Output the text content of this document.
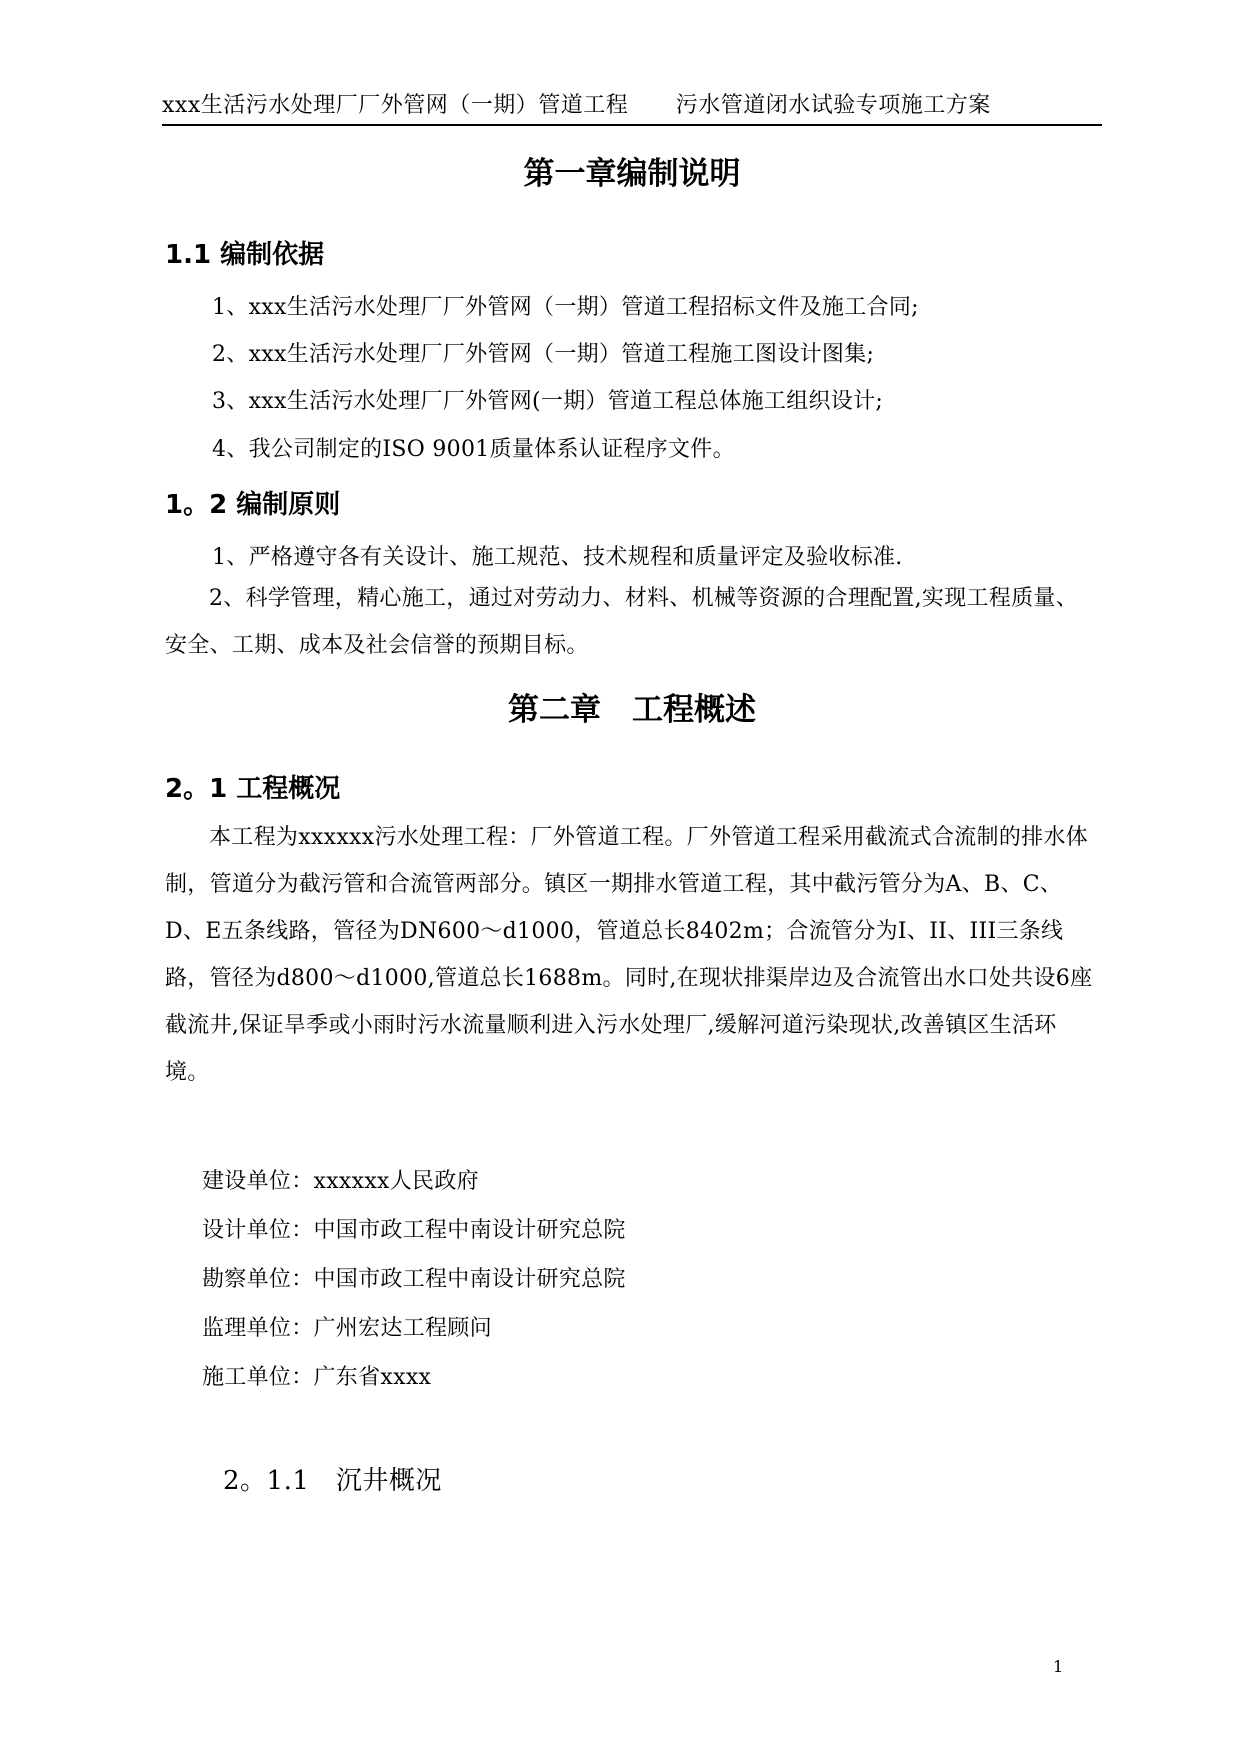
xxx生活污水处理厂厂外管网（一期）管道工程 污水管道闭水试验专项施工方案
第一章编制说明
1.1 编制依据
1、xxx生活污水处理厂厂外管网（一期）管道工程招标文件及施工合同;
2、xxx生活污水处理厂厂外管网（一期）管道工程施工图设计图集;
3、xxx生活污水处理厂厂外管网(一期）管道工程总体施工组织设计;
4、我公司制定的ISO 9001质量体系认证程序文件。
1。2 编制原则
1、严格遵守各有关设计、施工规范、技术规程和质量评定及验收标准.
2、科学管理，精心施工，通过对劳动力、材料、机械等资源的合理配置,实现工程质量、安全、工期、成本及社会信誉的预期目标。
第二章　工程概述
2。1 工程概况
本工程为xxxxxx污水处理工程：厂外管道工程。厂外管道工程采用截流式合流制的排水体制，管道分为截污管和合流管两部分。镇区一期排水管道工程，其中截污管分为A、B、C、D、E五条线路，管径为DN600～d1000，管道总长8402m；合流管分为I、II、III三条线路，管径为d800～d1000,管道总长1688m。同时,在现状排渠岸边及合流管出水口处共设6座截流井,保证旱季或小雨时污水流量顺利进入污水处理厂,缓解河道污染现状,改善镇区生活环境。
建设单位：xxxxxx人民政府
设计单位：中国市政工程中南设计研究总院
勘察单位：中国市政工程中南设计研究总院
监理单位：广州宏达工程顾问
施工单位：广东省xxxx
2。1.1　沉井概况
1
